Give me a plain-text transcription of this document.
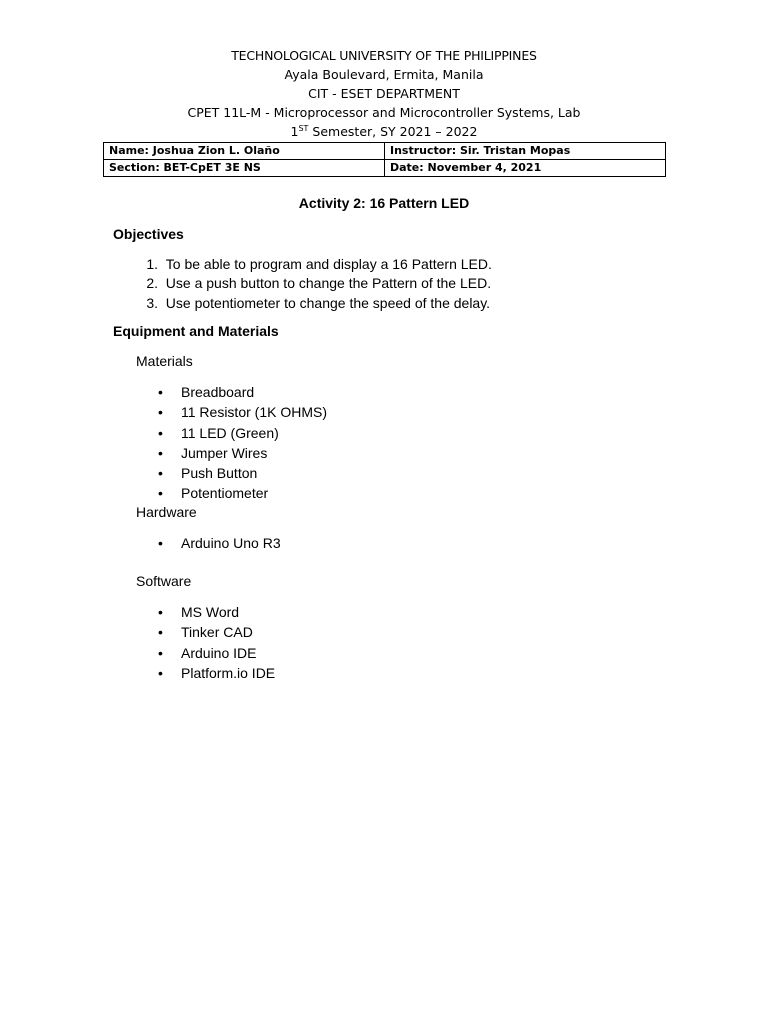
TECHNOLOGICAL UNIVERSITY OF THE PHILIPPINES
Ayala Boulevard, Ermita, Manila
CIT - ESET DEPARTMENT
CPET 11L-M - Microprocessor and Microcontroller Systems, Lab
1ST Semester, SY 2021 – 2022
Name: Joshua Zion L. Olaño	Instructor: Sir. Tristan Mopas
Section: BET-CpET 3E NS	Date: November 4, 2021
Activity 2: 16 Pattern LED
Objectives
1. To be able to program and display a 16 Pattern LED.
2. Use a push button to change the Pattern of the LED.
3. Use potentiometer to change the speed of the delay.
Equipment and Materials
Materials
• Breadboard
• 11 Resistor (1K OHMS)
• 11 LED (Green)
• Jumper Wires
• Push Button
• Potentiometer
Hardware
• Arduino Uno R3
Software
• MS Word
• Tinker CAD
• Arduino IDE
• Platform.io IDE
